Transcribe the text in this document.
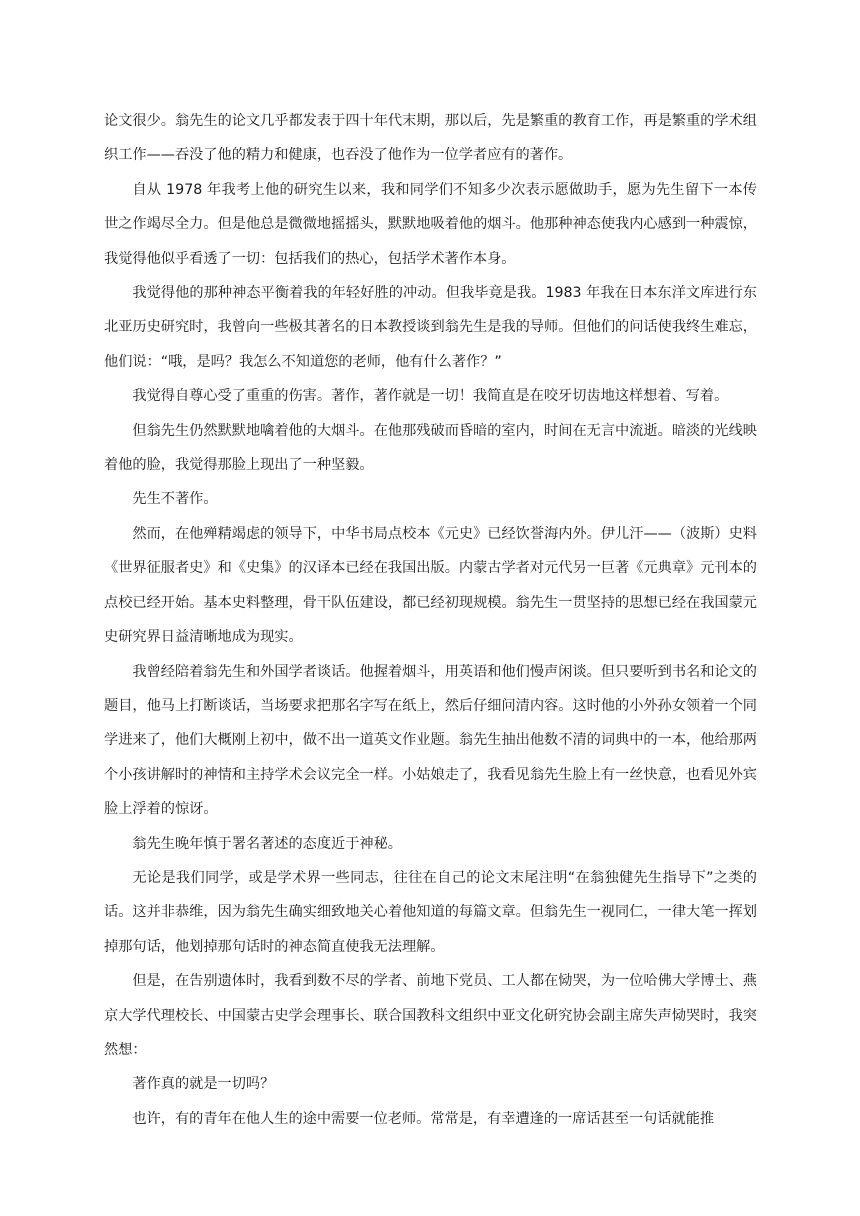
论文很少。翁先生的论文几乎都发表于四十年代末期，那以后，先是繁重的教育工作，再是繁重的学术组织工作——吞没了他的精力和健康，也吞没了他作为一位学者应有的著作。

自从 1978 年我考上他的研究生以来，我和同学们不知多少次表示愿做助手，愿为先生留下一本传世之作竭尽全力。但是他总是微微地摇摇头，默默地吸着他的烟斗。他那种神态使我内心感到一种震惊，我觉得他似乎看透了一切：包括我们的热心，包括学术著作本身。

我觉得他的那种神态平衡着我的年轻好胜的冲动。但我毕竟是我。1983 年我在日本东洋文库进行东北亚历史研究时，我曾向一些极其著名的日本教授谈到翁先生是我的导师。但他们的问话使我终生难忘，他们说：“哦，是吗？我怎么不知道您的老师，他有什么著作？”

我觉得自尊心受了重重的伤害。著作，著作就是一切！我简直是在咬牙切齿地这样想着、写着。

但翁先生仍然默默地噙着他的大烟斗。在他那残破而昏暗的室内，时间在无言中流逝。暗淡的光线映着他的脸，我觉得那脸上现出了一种坚毅。

先生不著作。

然而，在他殚精竭虑的领导下，中华书局点校本《元史》已经饮誉海内外。伊儿汗——（波斯）史料《世界征服者史》和《史集》的汉译本已经在我国出版。内蒙古学者对元代另一巨著《元典章》元刊本的点校已经开始。基本史料整理，骨干队伍建设，都已经初现规模。翁先生一贯坚持的思想已经在我国蒙元史研究界日益清晰地成为现实。

我曾经陪着翁先生和外国学者谈话。他握着烟斗，用英语和他们慢声闲谈。但只要听到书名和论文的题目，他马上打断谈话，当场要求把那名字写在纸上，然后仔细问清内容。这时他的小外孙女领着一个同学进来了，他们大概刚上初中，做不出一道英文作业题。翁先生抽出他数不清的词典中的一本，他给那两个小孩讲解时的神情和主持学术会议完全一样。小姑娘走了，我看见翁先生脸上有一丝快意，也看见外宾脸上浮着的惊讶。

翁先生晚年慎于署名著述的态度近于神秘。

无论是我们同学，或是学术界一些同志，往往在自己的论文末尾注明“在翁独健先生指导下”之类的话。这并非恭维，因为翁先生确实细致地关心着他知道的每篇文章。但翁先生一视同仁，一律大笔一挥划掉那句话，他划掉那句话时的神态简直使我无法理解。

但是，在告别遗体时，我看到数不尽的学者、前地下党员、工人都在恸哭，为一位哈佛大学博士、燕京大学代理校长、中国蒙古史学会理事长、联合国教科文组织中亚文化研究协会副主席失声恸哭时，我突然想：

著作真的就是一切吗？

也许，有的青年在他人生的途中需要一位老师。常常是，有幸遭逢的一席话甚至一句话就能推
